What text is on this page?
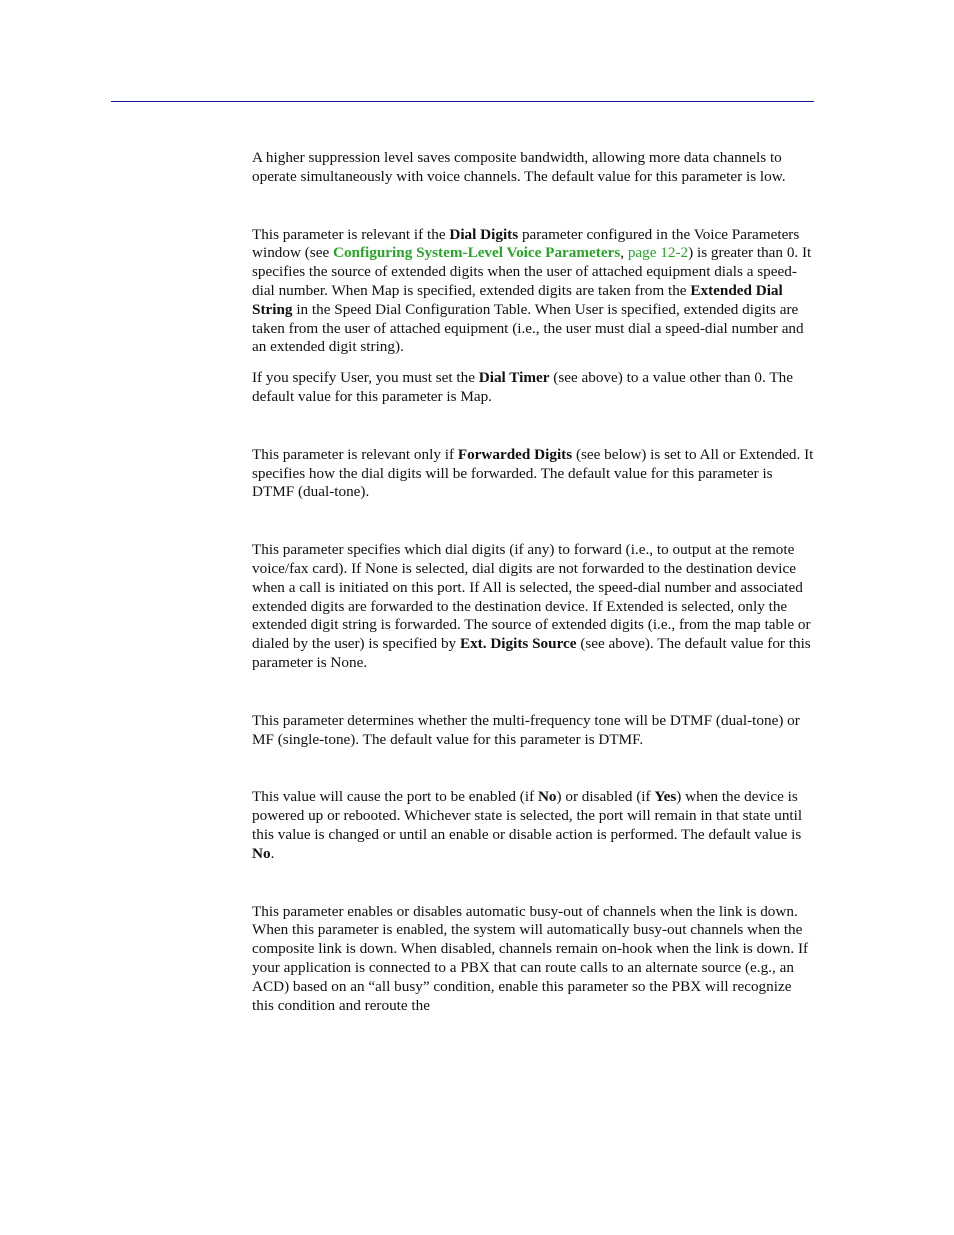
A higher suppression level saves composite bandwidth, allowing more data channels to operate simultaneously with voice channels. The default value for this parameter is low.

This parameter is relevant if the Dial Digits parameter configured in the Voice Parameters window (see Configuring System-Level Voice Parameters, page 12-2) is greater than 0. It specifies the source of extended digits when the user of attached equipment dials a speed-dial number. When Map is specified, extended digits are taken from the Extended Dial String in the Speed Dial Configuration Table. When User is specified, extended digits are taken from the user of attached equipment (i.e., the user must dial a speed-dial number and an extended digit string).

If you specify User, you must set the Dial Timer (see above) to a value other than 0. The default value for this parameter is Map.

This parameter is relevant only if Forwarded Digits (see below) is set to All or Extended. It specifies how the dial digits will be forwarded. The default value for this parameter is DTMF (dual-tone).

This parameter specifies which dial digits (if any) to forward (i.e., to output at the remote voice/fax card). If None is selected, dial digits are not forwarded to the destination device when a call is initiated on this port. If All is selected, the speed-dial number and associated extended digits are forwarded to the destination device. If Extended is selected, only the extended digit string is forwarded. The source of extended digits (i.e., from the map table or dialed by the user) is specified by Ext. Digits Source (see above). The default value for this parameter is None.

This parameter determines whether the multi-frequency tone will be DTMF (dual-tone) or MF (single-tone). The default value for this parameter is DTMF.

This value will cause the port to be enabled (if No) or disabled (if Yes) when the device is powered up or rebooted. Whichever state is selected, the port will remain in that state until this value is changed or until an enable or disable action is performed. The default value is No.

This parameter enables or disables automatic busy-out of channels when the link is down. When this parameter is enabled, the system will automatically busy-out channels when the composite link is down. When disabled, channels remain on-hook when the link is down. If your application is connected to a PBX that can route calls to an alternate source (e.g., an ACD) based on an “all busy” condition, enable this parameter so the PBX will recognize this condition and reroute the
